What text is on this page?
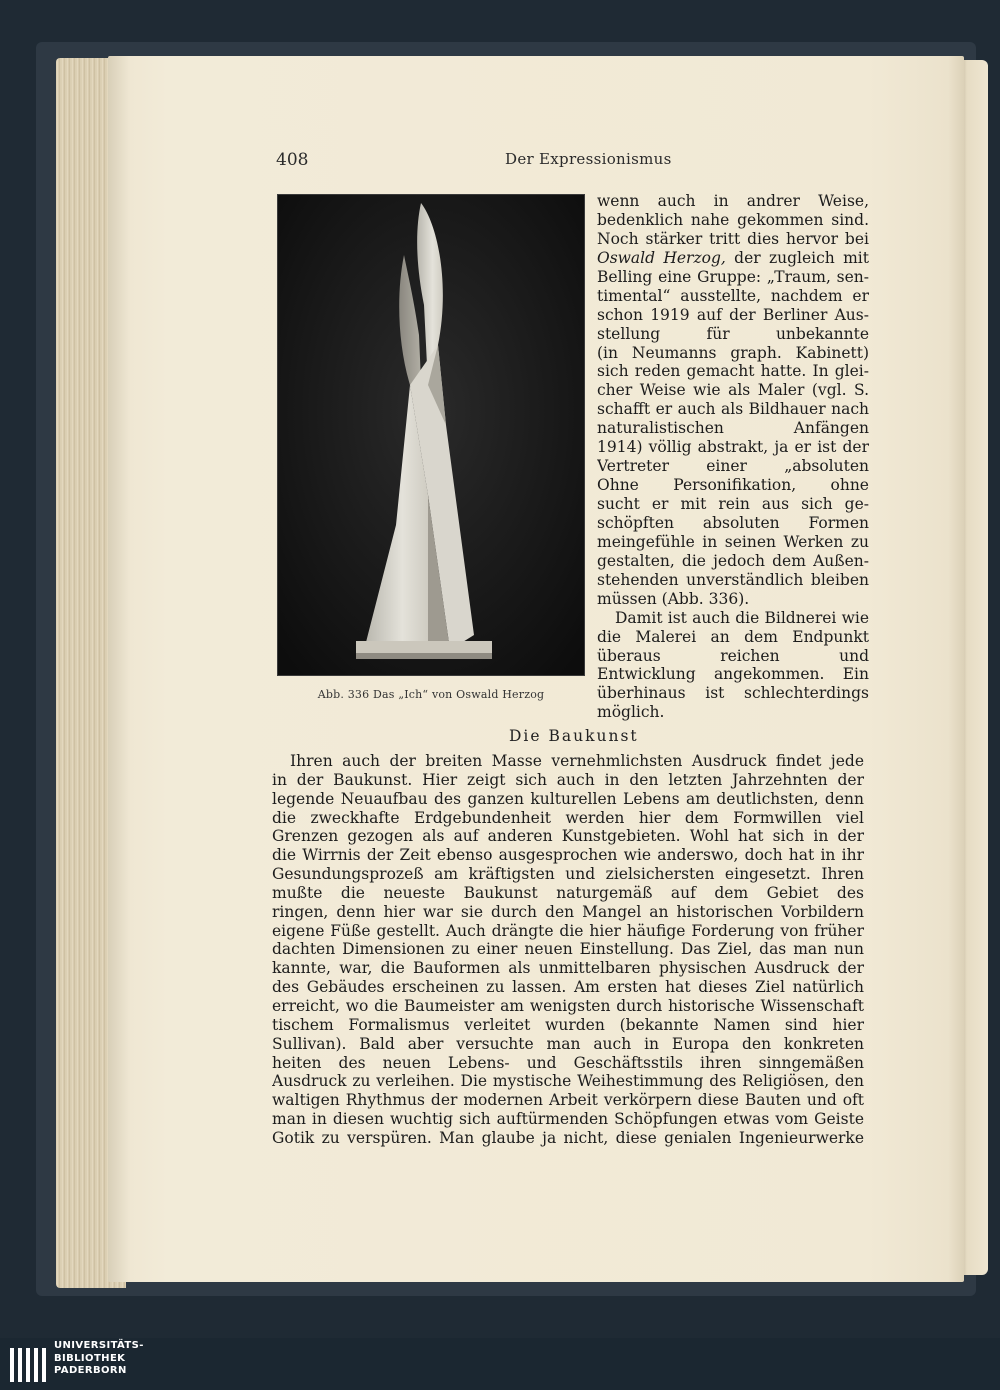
408	Der Expressionismus
Abb. 336 Das „Ich“ von Oswald Herzog
wenn auch in andrer Weise,
bedenklich nahe gekommen sind.
Noch stärker tritt dies hervor bei
Oswald Herzog, der zugleich mit
Belling eine Gruppe: „Traum, sen-
timental“ ausstellte, nachdem er
schon 1919 auf der Berliner Aus-
stellung für unbekannte
(in Neumanns graph. Kabinett)
sich reden gemacht hatte. In glei-
cher Weise wie als Maler (vgl. S.
schafft er auch als Bildhauer nach
naturalistischen Anfängen
1914) völlig abstrakt, ja er ist der
Vertreter einer „absoluten
Ohne Personifikation, ohne
sucht er mit rein aus sich ge-
schöpften absoluten Formen
meingefühle in seinen Werken zu
gestalten, die jedoch dem Außen-
stehenden unverständlich bleiben
müssen (Abb. 336).
Damit ist auch die Bildnerei wie
die Malerei an dem Endpunkt
überaus reichen und
Entwicklung angekommen. Ein
überhinaus ist schlechterdings
möglich.
Die Baukunst
Ihren auch der breiten Masse vernehmlichsten Ausdruck findet jede
in der Baukunst. Hier zeigt sich auch in den letzten Jahrzehnten der
legende Neuaufbau des ganzen kulturellen Lebens am deutlichsten, denn
die zweckhafte Erdgebundenheit werden hier dem Formwillen viel
Grenzen gezogen als auf anderen Kunstgebieten. Wohl hat sich in der
die Wirrnis der Zeit ebenso ausgesprochen wie anderswo, doch hat in ihr
Gesundungsprozeß am kräftigsten und zielsichersten eingesetzt. Ihren
mußte die neueste Baukunst naturgemäß auf dem Gebiet des
ringen, denn hier war sie durch den Mangel an historischen Vorbildern
eigene Füße gestellt. Auch drängte die hier häufige Forderung von früher
dachten Dimensionen zu einer neuen Einstellung. Das Ziel, das man nun
kannte, war, die Bauformen als unmittelbaren physischen Ausdruck der
des Gebäudes erscheinen zu lassen. Am ersten hat dieses Ziel natürlich
erreicht, wo die Baumeister am wenigsten durch historische Wissenschaft
tischem Formalismus verleitet wurden (bekannte Namen sind hier
Sullivan). Bald aber versuchte man auch in Europa den konkreten
heiten des neuen Lebens- und Geschäftsstils ihren sinngemäßen
Ausdruck zu verleihen. Die mystische Weihestimmung des Religiösen, den
waltigen Rhythmus der modernen Arbeit verkörpern diese Bauten und oft
man in diesen wuchtig sich auftürmenden Schöpfungen etwas vom Geiste
Gotik zu verspüren. Man glaube ja nicht, diese genialen Ingenieurwerke
UNIVERSITÄTS-
BIBLIOTHEK
PADERBORN
